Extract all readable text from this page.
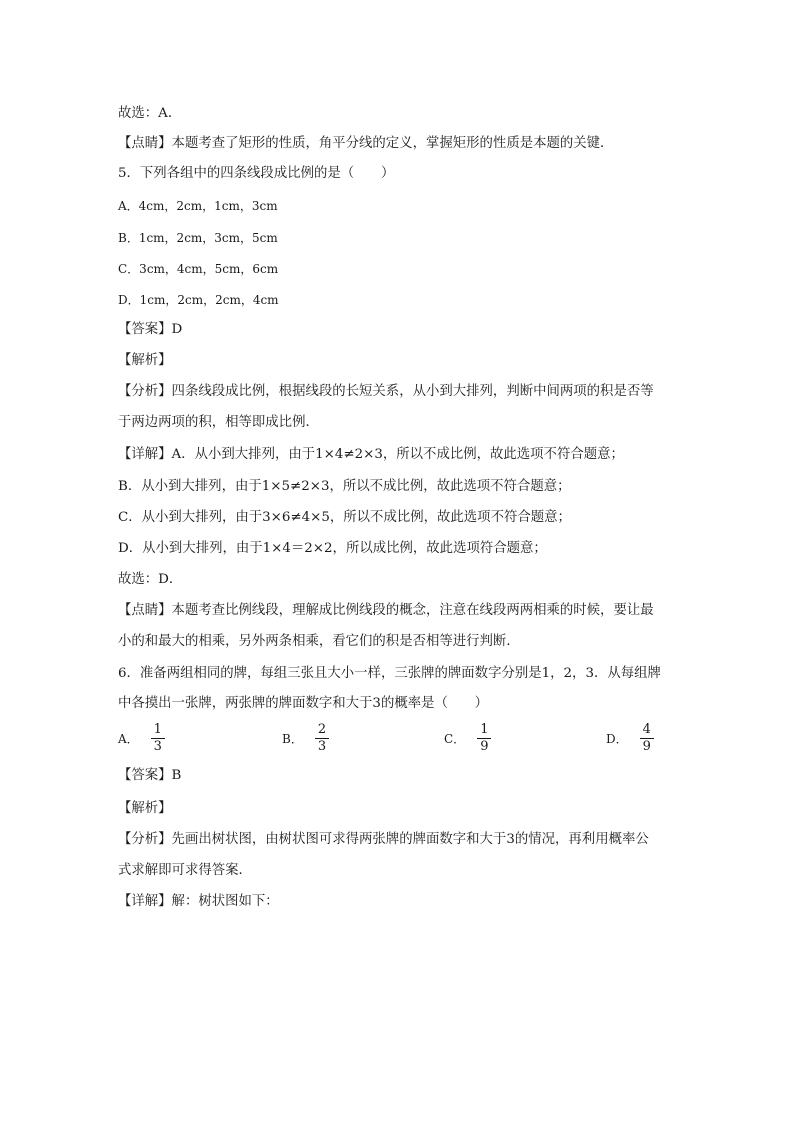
故选：A．
【点睛】本题考查了矩形的性质，角平分线的定义，掌握矩形的性质是本题的关键．
5．下列各组中的四条线段成比例的是（　　）
A．4cm，2cm，1cm，3cm
B．1cm，2cm，3cm，5cm
C．3cm，4cm，5cm，6cm
D．1cm，2cm，2cm，4cm
【答案】D
【解析】
【分析】四条线段成比例，根据线段的长短关系，从小到大排列，判断中间两项的积是否等
于两边两项的积，相等即成比例．
【详解】A．从小到大排列，由于1×4≠2×3，所以不成比例，故此选项不符合题意；
B．从小到大排列，由于1×5≠2×3，所以不成比例，故此选项不符合题意；
C．从小到大排列，由于3×6≠4×5，所以不成比例，故此选项不符合题意；
D．从小到大排列，由于1×4＝2×2，所以成比例，故此选项符合题意；
故选：D．
【点睛】本题考查比例线段，理解成比例线段的概念，注意在线段两两相乘的时候，要让最
小的和最大的相乘，另外两条相乘，看它们的积是否相等进行判断．
6．准备两组相同的牌，每组三张且大小一样，三张牌的牌面数字分别是1，2，3．从每组牌
中各摸出一张牌，两张牌的牌面数字和大于3的概率是（　　）
A． $\frac{1}{3}$	B． $\frac{2}{3}$	C． $\frac{1}{9}$	D． $\frac{4}{9}$
【答案】B
【解析】
【分析】先画出树状图，由树状图可求得两张牌的牌面数字和大于3的情况，再利用概率公
式求解即可求得答案．
【详解】解：树状图如下：
